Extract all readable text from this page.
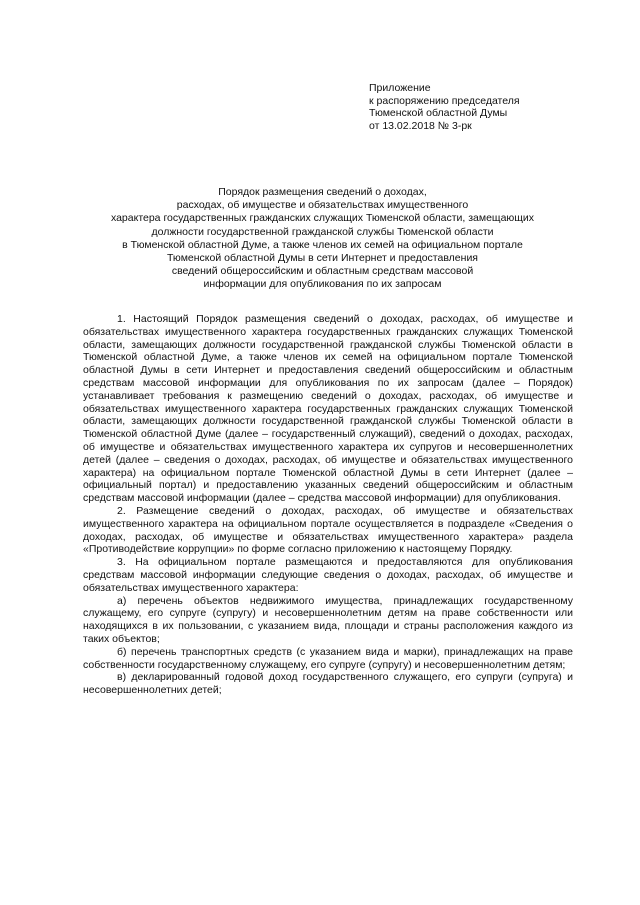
Приложение
к распоряжению председателя
Тюменской областной Думы
от 13.02.2018 № 3-рк
Порядок размещения сведений о доходах,
расходах, об имуществе и обязательствах имущественного
характера государственных гражданских служащих Тюменской области, замещающих
должности государственной гражданской службы Тюменской области
в Тюменской областной Думе, а также членов их семей на официальном портале
Тюменской областной Думы в сети Интернет и предоставления
сведений общероссийским и областным средствам массовой
информации для опубликования по их запросам

1. Настоящий Порядок размещения сведений о доходах, расходах, об имуществе и обязательствах имущественного характера государственных гражданских служащих Тюменской области, замещающих должности государственной гражданской службы Тюменской области в Тюменской областной Думе, а также членов их семей на официальном портале Тюменской областной Думы в сети Интернет и предоставления сведений общероссийским и областным средствам массовой информации для опубликования по их запросам (далее – Порядок) устанавливает требования к размещению сведений о доходах, расходах, об имуществе и обязательствах имущественного характера государственных гражданских служащих Тюменской области, замещающих должности государственной гражданской службы Тюменской области в Тюменской областной Думе (далее – государственный служащий), сведений о доходах, расходах, об имуществе и обязательствах имущественного характера их супругов и несовершеннолетних детей (далее – сведения о доходах, расходах, об имуществе и обязательствах имущественного характера) на официальном портале Тюменской областной Думы в сети Интернет (далее – официальный портал) и предоставлению указанных сведений общероссийским и областным средствам массовой информации (далее – средства массовой информации) для опубликования.

2. Размещение сведений о доходах, расходах, об имуществе и обязательствах имущественного характера на официальном портале осуществляется в подразделе «Сведения о доходах, расходах, об имуществе и обязательствах имущественного характера» раздела «Противодействие коррупции» по форме согласно приложению к настоящему Порядку.

3. На официальном портале размещаются и предоставляются для опубликования средствам массовой информации следующие сведения о доходах, расходах, об имуществе и обязательствах имущественного характера:

а) перечень объектов недвижимого имущества, принадлежащих государственному служащему, его супруге (супругу) и несовершеннолетним детям на праве собственности или находящихся в их пользовании, с указанием вида, площади и страны расположения каждого из таких объектов;

б) перечень транспортных средств (с указанием вида и марки), принадлежащих на праве собственности государственному служащему, его супруге (супругу) и несовершеннолетним детям;

в) декларированный годовой доход государственного служащего, его супруги (супруга) и несовершеннолетних детей;
